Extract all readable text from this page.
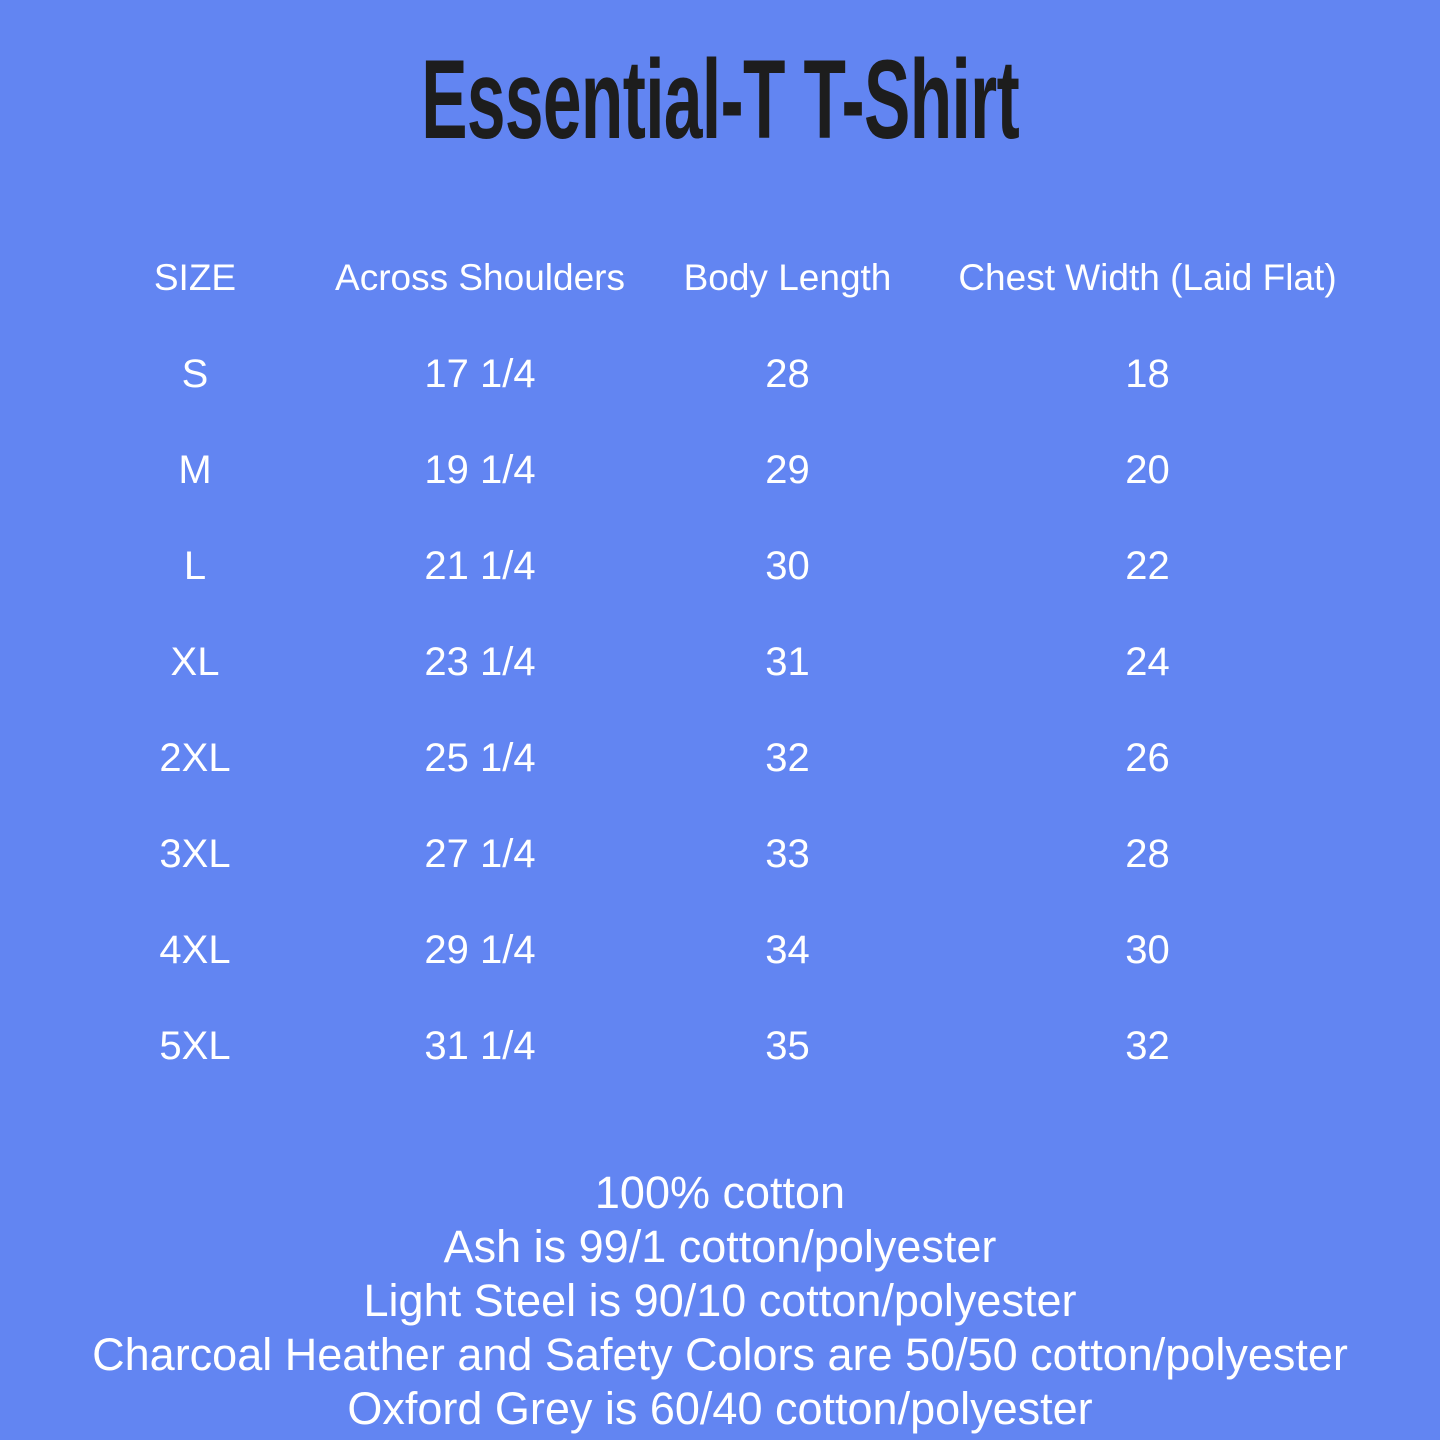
Essential-T T-Shirt
SIZE	Across Shoulders	Body Length	Chest Width (Laid Flat)
S	17 1/4	28	18
M	19 1/4	29	20
L	21 1/4	30	22
XL	23 1/4	31	24
2XL	25 1/4	32	26
3XL	27 1/4	33	28
4XL	29 1/4	34	30
5XL	31 1/4	35	32
100% cotton
Ash is 99/1 cotton/polyester
Light Steel is 90/10 cotton/polyester
Charcoal Heather and Safety Colors are 50/50 cotton/polyester
Oxford Grey is 60/40 cotton/polyester
